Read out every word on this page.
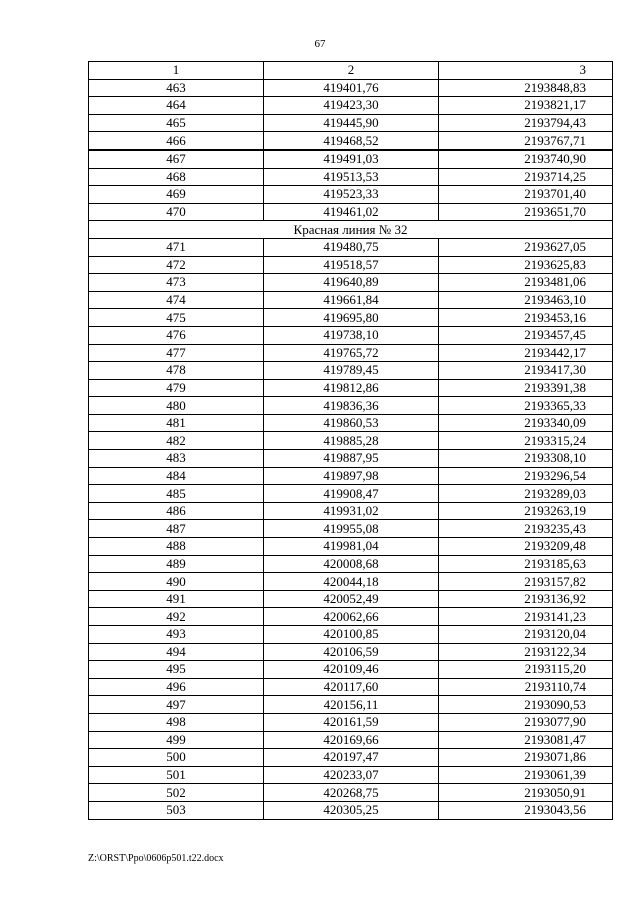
67
1	2	3
463	419401,76	2193848,83
464	419423,30	2193821,17
465	419445,90	2193794,43
466	419468,52	2193767,71
467	419491,03	2193740,90
468	419513,53	2193714,25
469	419523,33	2193701,40
470	419461,02	2193651,70
Красная линия № 32		
471	419480,75	2193627,05
472	419518,57	2193625,83
473	419640,89	2193481,06
474	419661,84	2193463,10
475	419695,80	2193453,16
476	419738,10	2193457,45
477	419765,72	2193442,17
478	419789,45	2193417,30
479	419812,86	2193391,38
480	419836,36	2193365,33
481	419860,53	2193340,09
482	419885,28	2193315,24
483	419887,95	2193308,10
484	419897,98	2193296,54
485	419908,47	2193289,03
486	419931,02	2193263,19
487	419955,08	2193235,43
488	419981,04	2193209,48
489	420008,68	2193185,63
490	420044,18	2193157,82
491	420052,49	2193136,92
492	420062,66	2193141,23
493	420100,85	2193120,04
494	420106,59	2193122,34
495	420109,46	2193115,20
496	420117,60	2193110,74
497	420156,11	2193090,53
498	420161,59	2193077,90
499	420169,66	2193081,47
500	420197,47	2193071,86
501	420233,07	2193061,39
502	420268,75	2193050,91
503	420305,25	2193043,56
Z:\ORST\Ppo\0606p501.t22.docx
